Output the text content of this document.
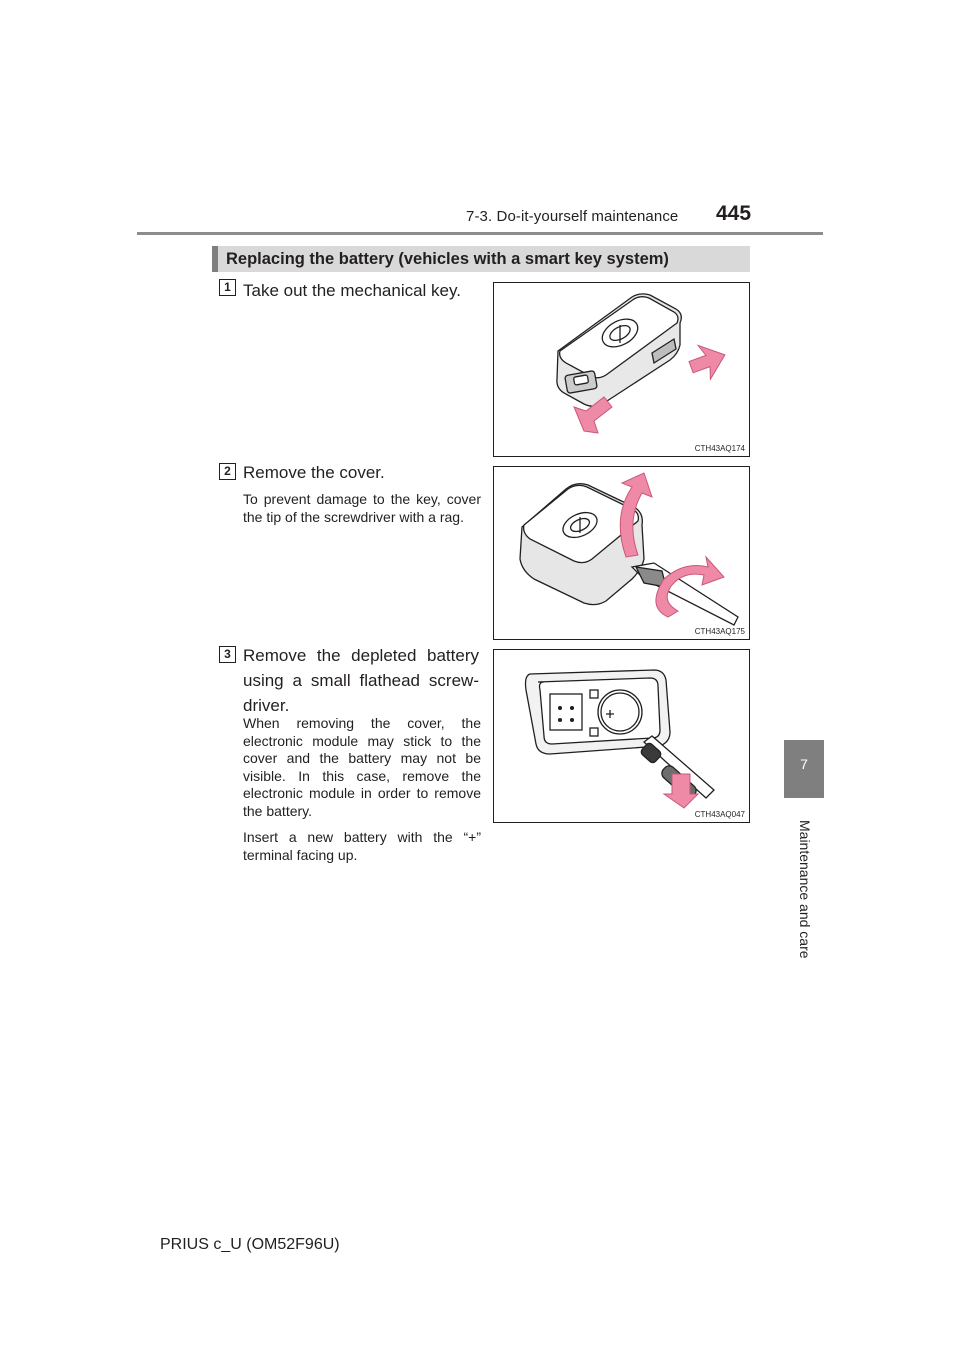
7-3. Do-it-yourself maintenance 445
7
Maintenance and care
Replacing the battery (vehicles with a smart key system)
1 Take out the mechanical key.
CTH43AQ174
2 Remove the cover.
To prevent damage to the key, cover the tip of the screwdriver with a rag.
CTH43AQ175
3 Remove the depleted battery using a small flathead screw-driver.
When removing the cover, the electronic module may stick to the cover and the battery may not be visible. In this case, remove the electronic module in order to remove the battery.
Insert a new battery with the “+” terminal facing up.
CTH43AQ047
PRIUS c_U (OM52F96U)
